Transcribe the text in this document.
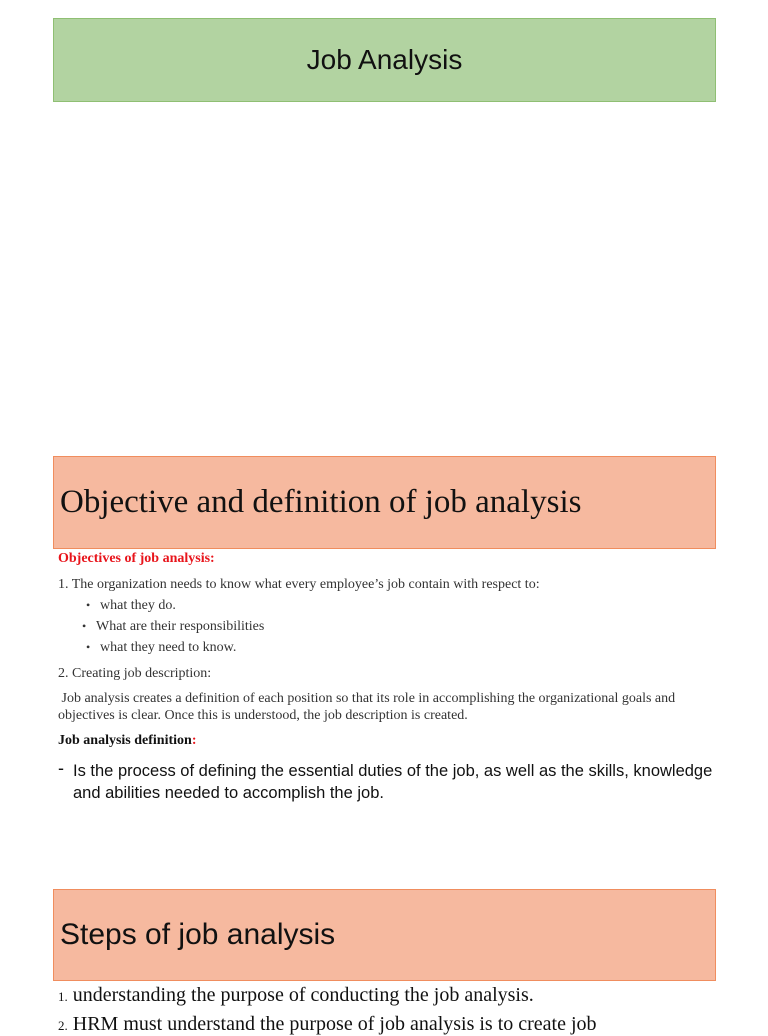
Job Analysis
Objective and definition of job analysis
Objectives of job analysis:
1. The organization needs to know what every employee’s job contain with respect to:
• what they do.
• What are their responsibilities
• what they need to know.
2. Creating job description:
Job analysis creates a definition of each position so that its role in accomplishing the organizational goals and objectives is clear. Once this is understood, the job description is created.
Job analysis definition:
- Is the process of defining the essential duties of the job, as well as the skills, knowledge and abilities needed to accomplish the job.
Steps of job analysis
1. understanding the purpose of conducting the job analysis.
2. HRM must understand the purpose of job analysis is to create job
